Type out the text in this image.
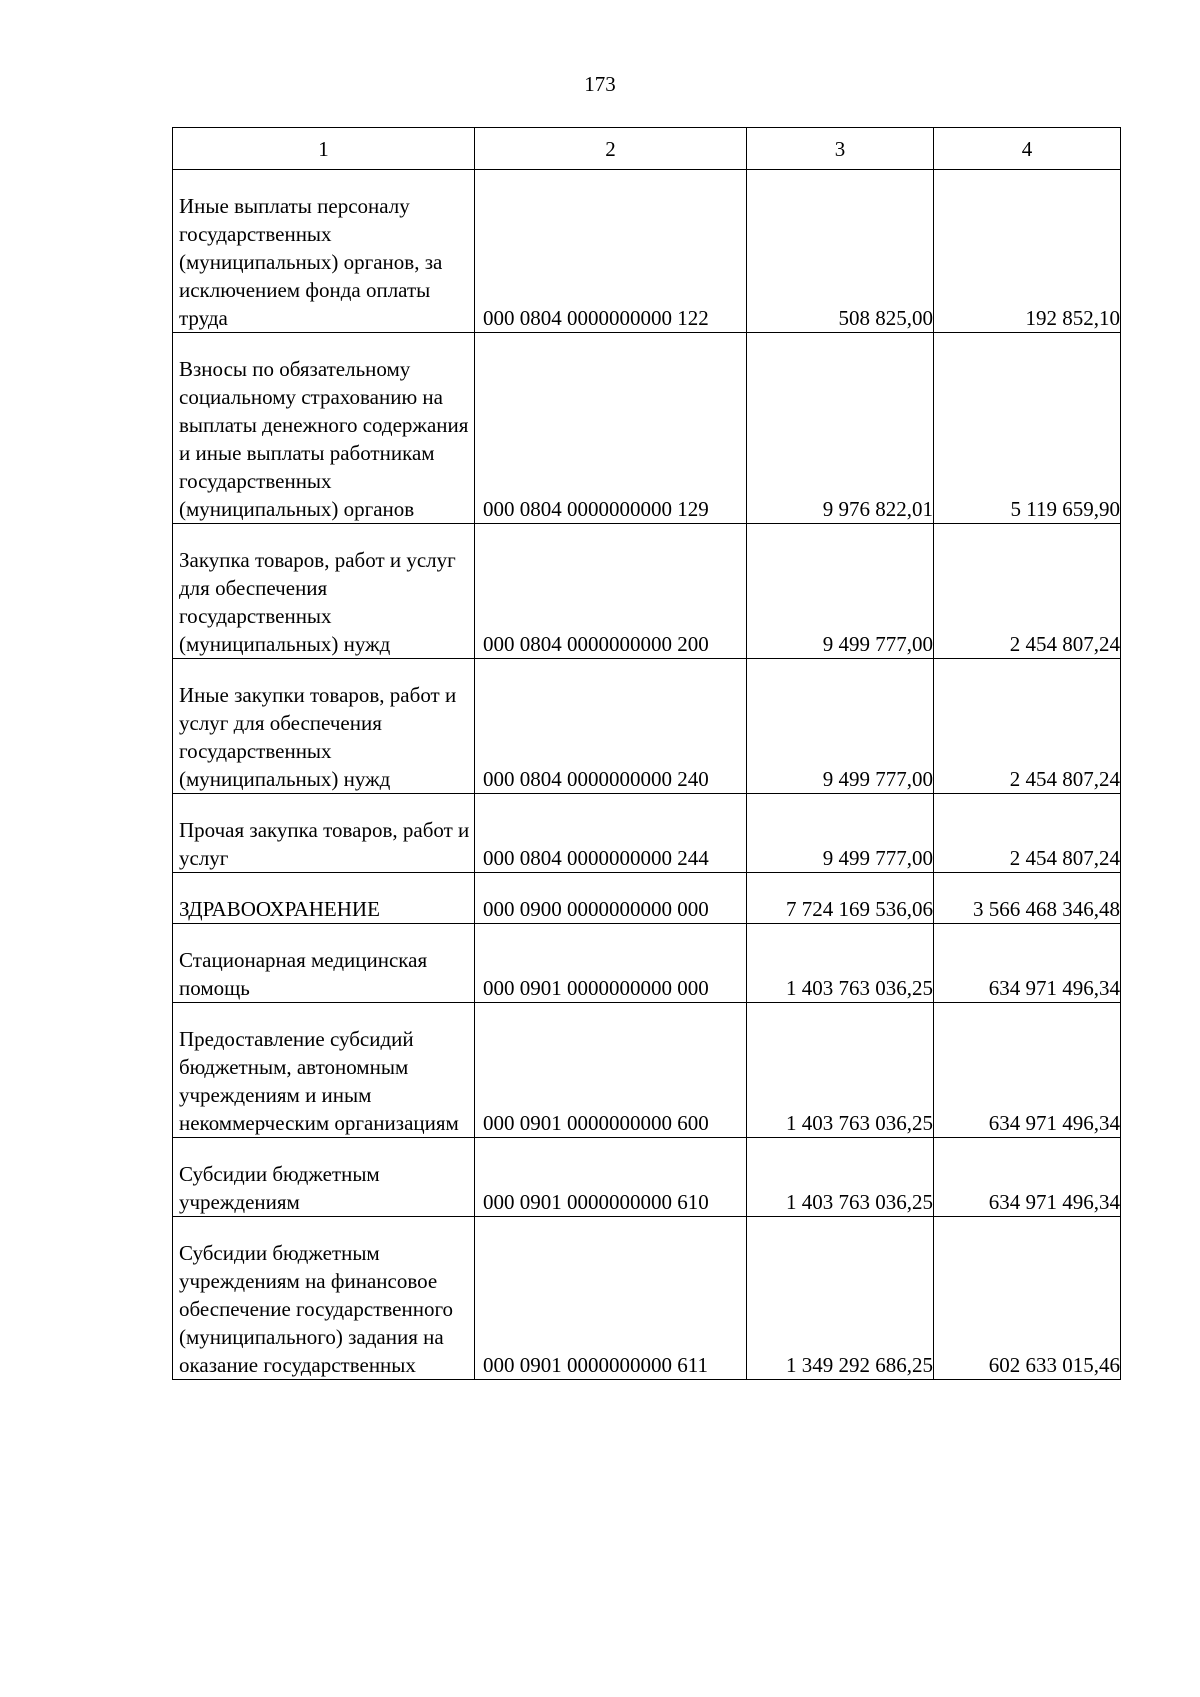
173
1	2	3	4
Иные выплаты персоналу государственных (муниципальных) органов, за исключением фонда оплаты труда	000 0804 0000000000 122	508 825,00	192 852,10
Взносы по обязательному социальному страхованию на выплаты денежного содержания и иные выплаты работникам государственных (муниципальных) органов	000 0804 0000000000 129	9 976 822,01	5 119 659,90
Закупка товаров, работ и услуг для обеспечения государственных (муниципальных) нужд	000 0804 0000000000 200	9 499 777,00	2 454 807,24
Иные закупки товаров, работ и услуг для обеспечения государственных (муниципальных) нужд	000 0804 0000000000 240	9 499 777,00	2 454 807,24
Прочая закупка товаров, работ и услуг	000 0804 0000000000 244	9 499 777,00	2 454 807,24
ЗДРАВООХРАНЕНИЕ	000 0900 0000000000 000	7 724 169 536,06	3 566 468 346,48
Стационарная медицинская помощь	000 0901 0000000000 000	1 403 763 036,25	634 971 496,34
Предоставление субсидий бюджетным, автономным учреждениям и иным некоммерческим организациям	000 0901 0000000000 600	1 403 763 036,25	634 971 496,34
Субсидии бюджетным учреждениям	000 0901 0000000000 610	1 403 763 036,25	634 971 496,34
Субсидии бюджетным учреждениям на финансовое обеспечение государственного (муниципального) задания на оказание государственных	000 0901 0000000000 611	1 349 292 686,25	602 633 015,46
